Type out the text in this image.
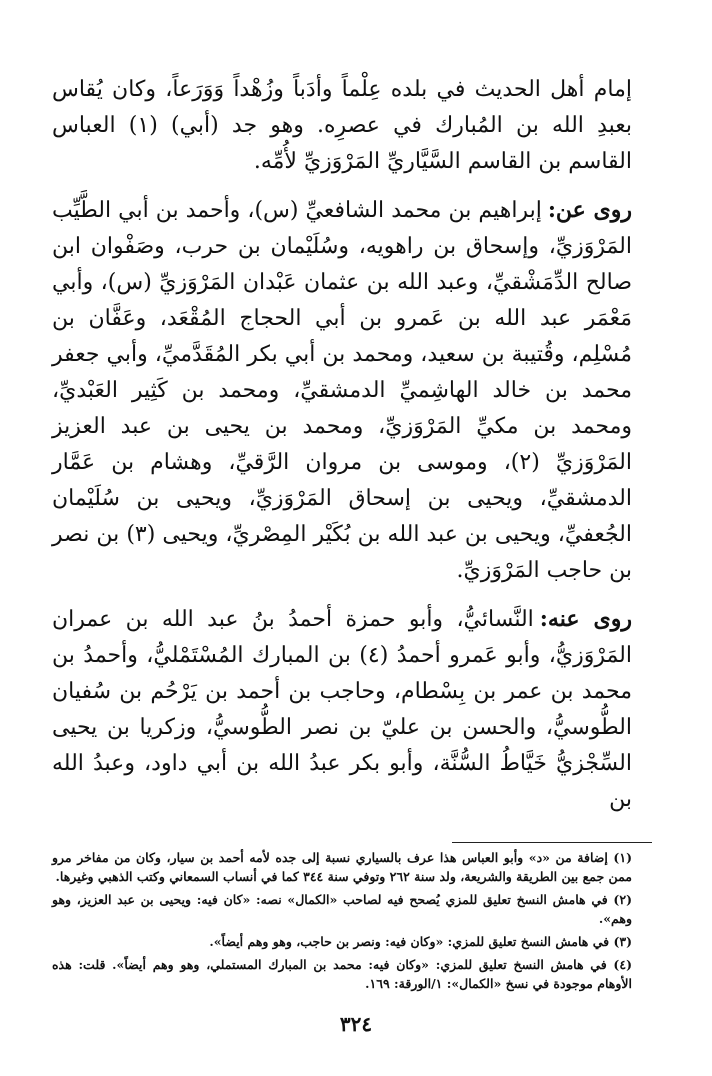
إمام أهل الحديث في بلده عِلْماً وأدَباً وزُهْداً وَوَرَعاً، وكان يُقاس بعبدِ الله بن المُبارك في عصرِه. وهو جد (أبي) (١) العباس القاسم بن القاسم السَّيَّاريِّ المَرْوَزيِّ لأُمِّه.

روى عن:إبراهيم بن محمد الشافعيِّ (س)، وأحمد بن أبي الطَّيِّب المَرْوَزيِّ، وإسحاق بن راهويه، وسُلَيْمان بن حرب، وصَفْوان ابن صالح الدِّمَشْقيِّ، وعبد الله بن عثمان عَبْدان المَرْوَزيِّ (س)، وأبي مَعْمَر عبد الله بن عَمرو بن أبي الحجاج المُقْعَد، وعَفَّان بن مُسْلِم، وقُتيبة بن سعيد، ومحمد بن أبي بكر المُقَدَّميِّ، وأبي جعفر محمد بن خالد الهاشِميِّ الدمشقيِّ، ومحمد بن كَثِير العَبْديِّ، ومحمد بن مكيِّ المَرْوَزيِّ، ومحمد بن يحيى بن عبد العزيز المَرْوَزيِّ (٢)، وموسى بن مروان الرَّقيِّ، وهشام بن عَمَّار الدمشقيِّ، ويحيى بن إسحاق المَرْوَزيِّ، ويحيى بن سُلَيْمان الجُعفيِّ، ويحيى بن عبد الله بن بُكَيْر المِصْريِّ، ويحيى (٣) بن نصر بن حاجب المَرْوَزيِّ.

روى عنه:النَّسائيُّ، وأبو حمزة أحمدُ بنُ عبد الله بن عمران المَرْوَزيُّ، وأبو عَمرو أحمدُ (٤) بن المبارك المُسْتَمْليُّ، وأحمدُ بن محمد بن عمر بن بِسْطام، وحاجب بن أحمد بن يَرْحُم بن سُفيان الطُّوسيُّ، والحسن بن عليّ بن نصر الطُّوسيُّ، وزكريا بن يحيى السِّجْزيُّ خَيَّاطُ السُّنَّة، وأبو بكر عبدُ الله بن أبي داود، وعبدُ الله بن

(١) إضافة من «د» وأبو العباس هذا عرف بالسياري نسبة إلى جده لأمه أحمد بن سيار، وكان من مفاخر مرو ممن جمع بين الطريقة والشريعة، ولد سنة ٢٦٢ وتوفي سنة ٣٤٤ كما في أنساب السمعاني وكتب الذهبي وغيرها.

(٢) في هامش النسخ تعليق للمزي يُصحح فيه لصاحب «الكمال» نصه: «كان فيه: ويحيى بن عبد العزيز، وهو وهم».

(٣) في هامش النسخ تعليق للمزي: «وكان فيه: ونصر بن حاجب، وهو وهم أيضاً».

(٤) في هامش النسخ تعليق للمزي: «وكان فيه: محمد بن المبارك المستملي، وهو وهم أيضاً». قلت: هذه الأوهام موجودة في نسخ «الكمال»: ١/الورقة: ١٦٩.

٣٢٤
